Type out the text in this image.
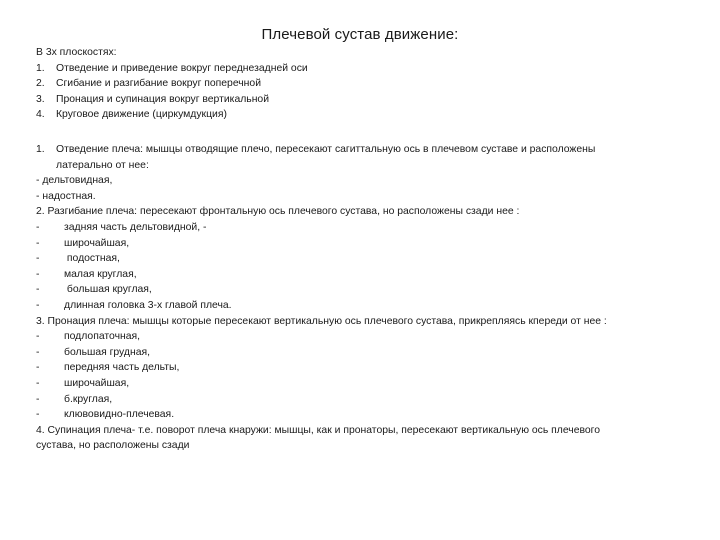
Плечевой сустав движение:
В 3х плоскостях:
1. Отведение и приведение вокруг переднезадней оси
2. Сгибание и разгибание вокруг поперечной
3. Пронация и супинация вокруг вертикальной
4. Круговое движение (циркумдукция)
1. Отведение плеча: мышцы отводящие плечо, пересекают сагиттальную ось в плечевом суставе и расположены
латерально от нее:
- дельтовидная,
- надостная.
2. Разгибание плеча: пересекают фронтальную ось плечевого сустава, но расположены сзади нее :
- задняя часть дельтовидной, -
- широчайшая,
- подостная,
- малая круглая,
- большая круглая,
- длинная головка 3-х главой плеча.
3. Пронация плеча: мышцы которые пересекают вертикальную ось плечевого сустава, прикрепляясь кпереди от нее :
- подлопаточная,
- большая грудная,
- передняя часть дельты,
- широчайшая,
- б.круглая,
- клювовидно-плечевая.
4. Супинация плеча- т.е. поворот плеча кнаружи: мышцы, как и пронаторы, пересекают вертикальную ось плечевого
сустава, но расположены сзади
